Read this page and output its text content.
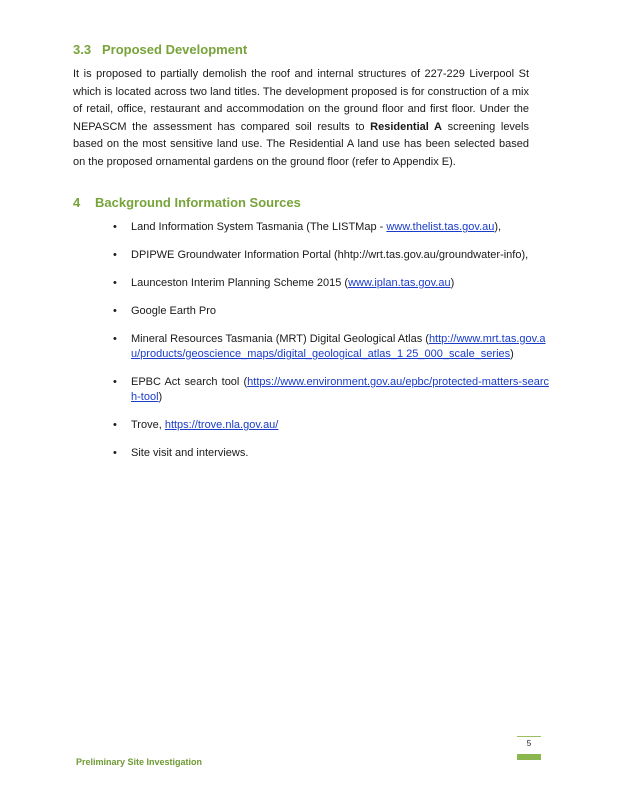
3.3 Proposed Development

It is proposed to partially demolish the roof and internal structures of 227-229 Liverpool St which is located across two land titles. The development proposed is for construction of a mix of retail, office, restaurant and accommodation on the ground floor and first floor. Under the NEPASCM the assessment has compared soil results to Residential A screening levels based on the most sensitive land use. The Residential A land use has been selected based on the proposed ornamental gardens on the ground floor (refer to Appendix E).

4 Background Information Sources
• Land Information System Tasmania (The LISTMap - www.thelist.tas.gov.au),
• DPIPWE Groundwater Information Portal (hhtp://wrt.tas.gov.au/groundwater-info),
• Launceston Interim Planning Scheme 2015 (www.iplan.tas.gov.au)
• Google Earth Pro
• Mineral Resources Tasmania (MRT) Digital Geological Atlas (http://www.mrt.tas.gov.au/products/geoscience_maps/digital_geological_atlas_1 25_000_scale_series)
• EPBC Act search tool (https://www.environment.gov.au/epbc/protected-matters-search-tool)
• Trove, https://trove.nla.gov.au/
• Site visit and interviews.
5
Preliminary Site Investigation
